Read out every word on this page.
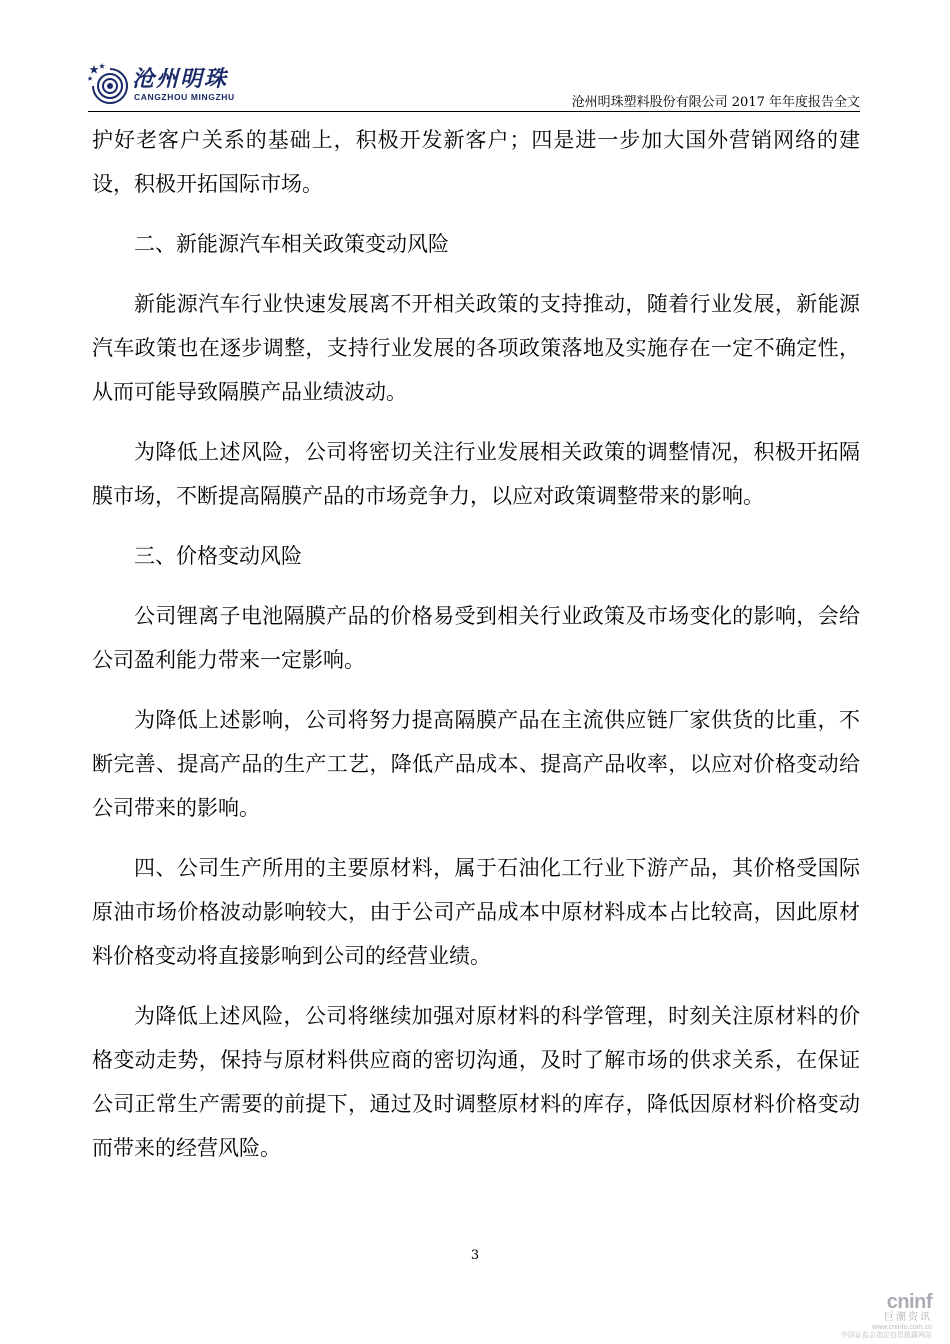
沧州明珠
CANGZHOU MINGZHU	沧州明珠塑料股份有限公司 2017 年年度报告全文

护好老客户关系的基础上，积极开发新客户；四是进一步加大国外营销网络的建设，积极开拓国际市场。

二、新能源汽车相关政策变动风险

新能源汽车行业快速发展离不开相关政策的支持推动，随着行业发展，新能源汽车政策也在逐步调整，支持行业发展的各项政策落地及实施存在一定不确定性，从而可能导致隔膜产品业绩波动。

为降低上述风险，公司将密切关注行业发展相关政策的调整情况，积极开拓隔膜市场，不断提高隔膜产品的市场竞争力，以应对政策调整带来的影响。

三、价格变动风险

公司锂离子电池隔膜产品的价格易受到相关行业政策及市场变化的影响，会给公司盈利能力带来一定影响。

为降低上述影响，公司将努力提高隔膜产品在主流供应链厂家供货的比重，不断完善、提高产品的生产工艺，降低产品成本、提高产品收率，以应对价格变动给公司带来的影响。

四、公司生产所用的主要原材料，属于石油化工行业下游产品，其价格受国际原油市场价格波动影响较大，由于公司产品成本中原材料成本占比较高，因此原材料价格变动将直接影响到公司的经营业绩。

为降低上述风险，公司将继续加强对原材料的科学管理，时刻关注原材料的价格变动走势，保持与原材料供应商的密切沟通，及时了解市场的供求关系，在保证公司正常生产需要的前提下，通过及时调整原材料的库存，降低因原材料价格变动而带来的经营风险。

3
cninf
巨潮资讯
www.cninfo.com.cn
中国证监会指定信息披露网站
